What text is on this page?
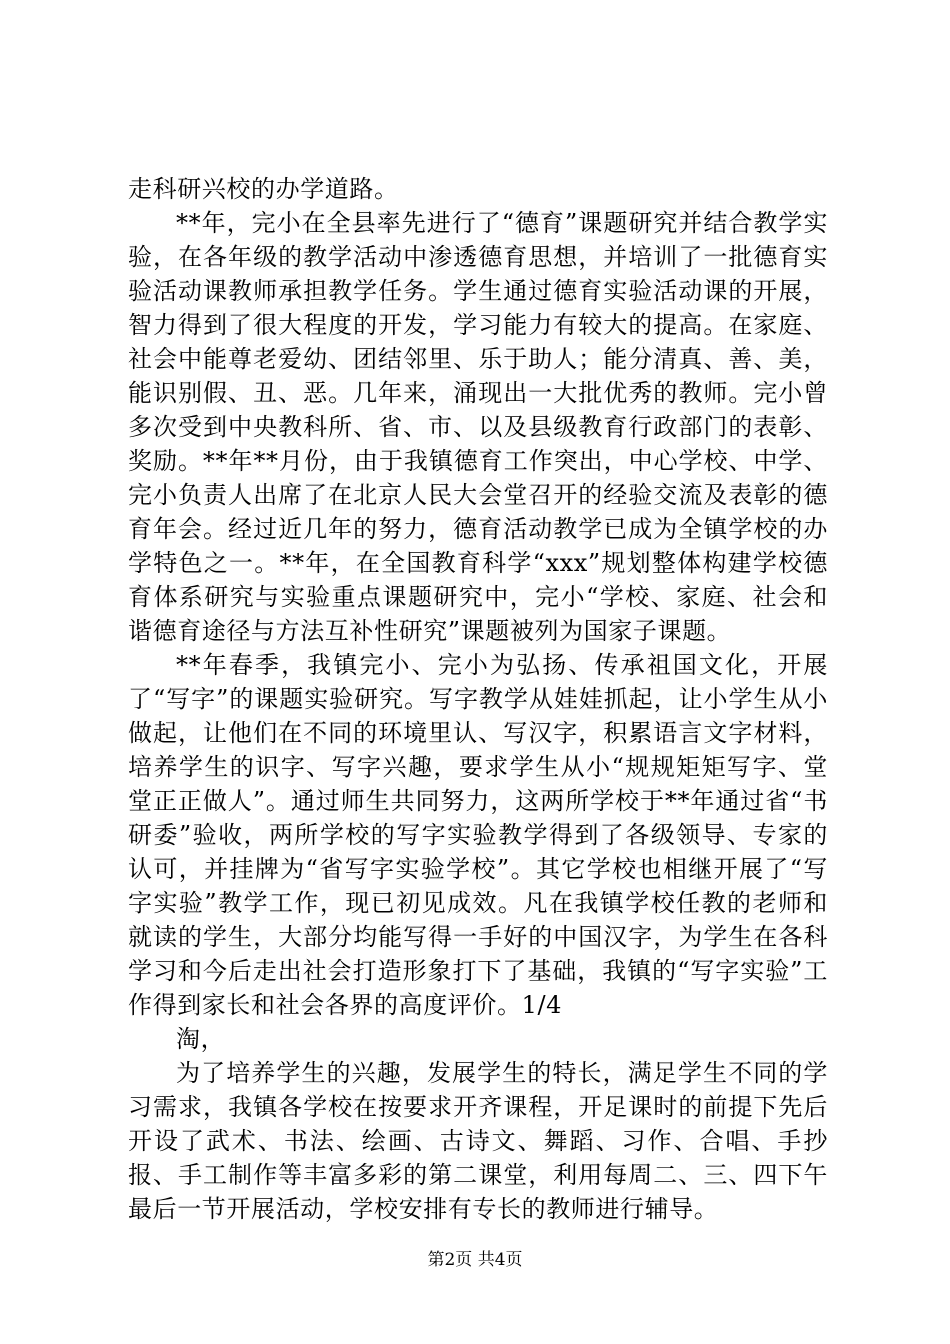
走科研兴校的办学道路。

**年，完小在全县率先进行了“德育”课题研究并结合教学实验，在各年级的教学活动中渗透德育思想，并培训了一批德育实验活动课教师承担教学任务。学生通过德育实验活动课的开展，智力得到了很大程度的开发，学习能力有较大的提高。在家庭、社会中能尊老爱幼、团结邻里、乐于助人；能分清真、善、美，能识别假、丑、恶。几年来，涌现出一大批优秀的教师。完小曾多次受到中央教科所、省、市、以及县级教育行政部门的表彰、奖励。**年**月份，由于我镇德育工作突出，中心学校、中学、完小负责人出席了在北京人民大会堂召开的经验交流及表彰的德育年会。经过近几年的努力，德育活动教学已成为全镇学校的办学特色之一。**年，在全国教育科学“xxx”规划整体构建学校德育体系研究与实验重点课题研究中，完小“学校、家庭、社会和谐德育途径与方法互补性研究”课题被列为国家子课题。

**年春季，我镇完小、完小为弘扬、传承祖国文化，开展了“写字”的课题实验研究。写字教学从娃娃抓起，让小学生从小做起，让他们在不同的环境里认、写汉字，积累语言文字材料，培养学生的识字、写字兴趣，要求学生从小“规规矩矩写字、堂堂正正做人”。通过师生共同努力，这两所学校于**年通过省“书研委”验收，两所学校的写字实验教学得到了各级领导、专家的认可，并挂牌为“省写字实验学校”。其它学校也相继开展了“写字实验”教学工作，现已初见成效。凡在我镇学校任教的老师和就读的学生，大部分均能写得一手好的中国汉字，为学生在各科学习和今后走出社会打造形象打下了基础，我镇的“写字实验”工作得到家长和社会各界的高度评价。1/4

淘，

为了培养学生的兴趣，发展学生的特长，满足学生不同的学习需求，我镇各学校在按要求开齐课程，开足课时的前提下先后开设了武术、书法、绘画、古诗文、舞蹈、习作、合唱、手抄报、手工制作等丰富多彩的第二课堂，利用每周二、三、四下午最后一节开展活动，学校安排有专长的教师进行辅导。

第2页 共4页
